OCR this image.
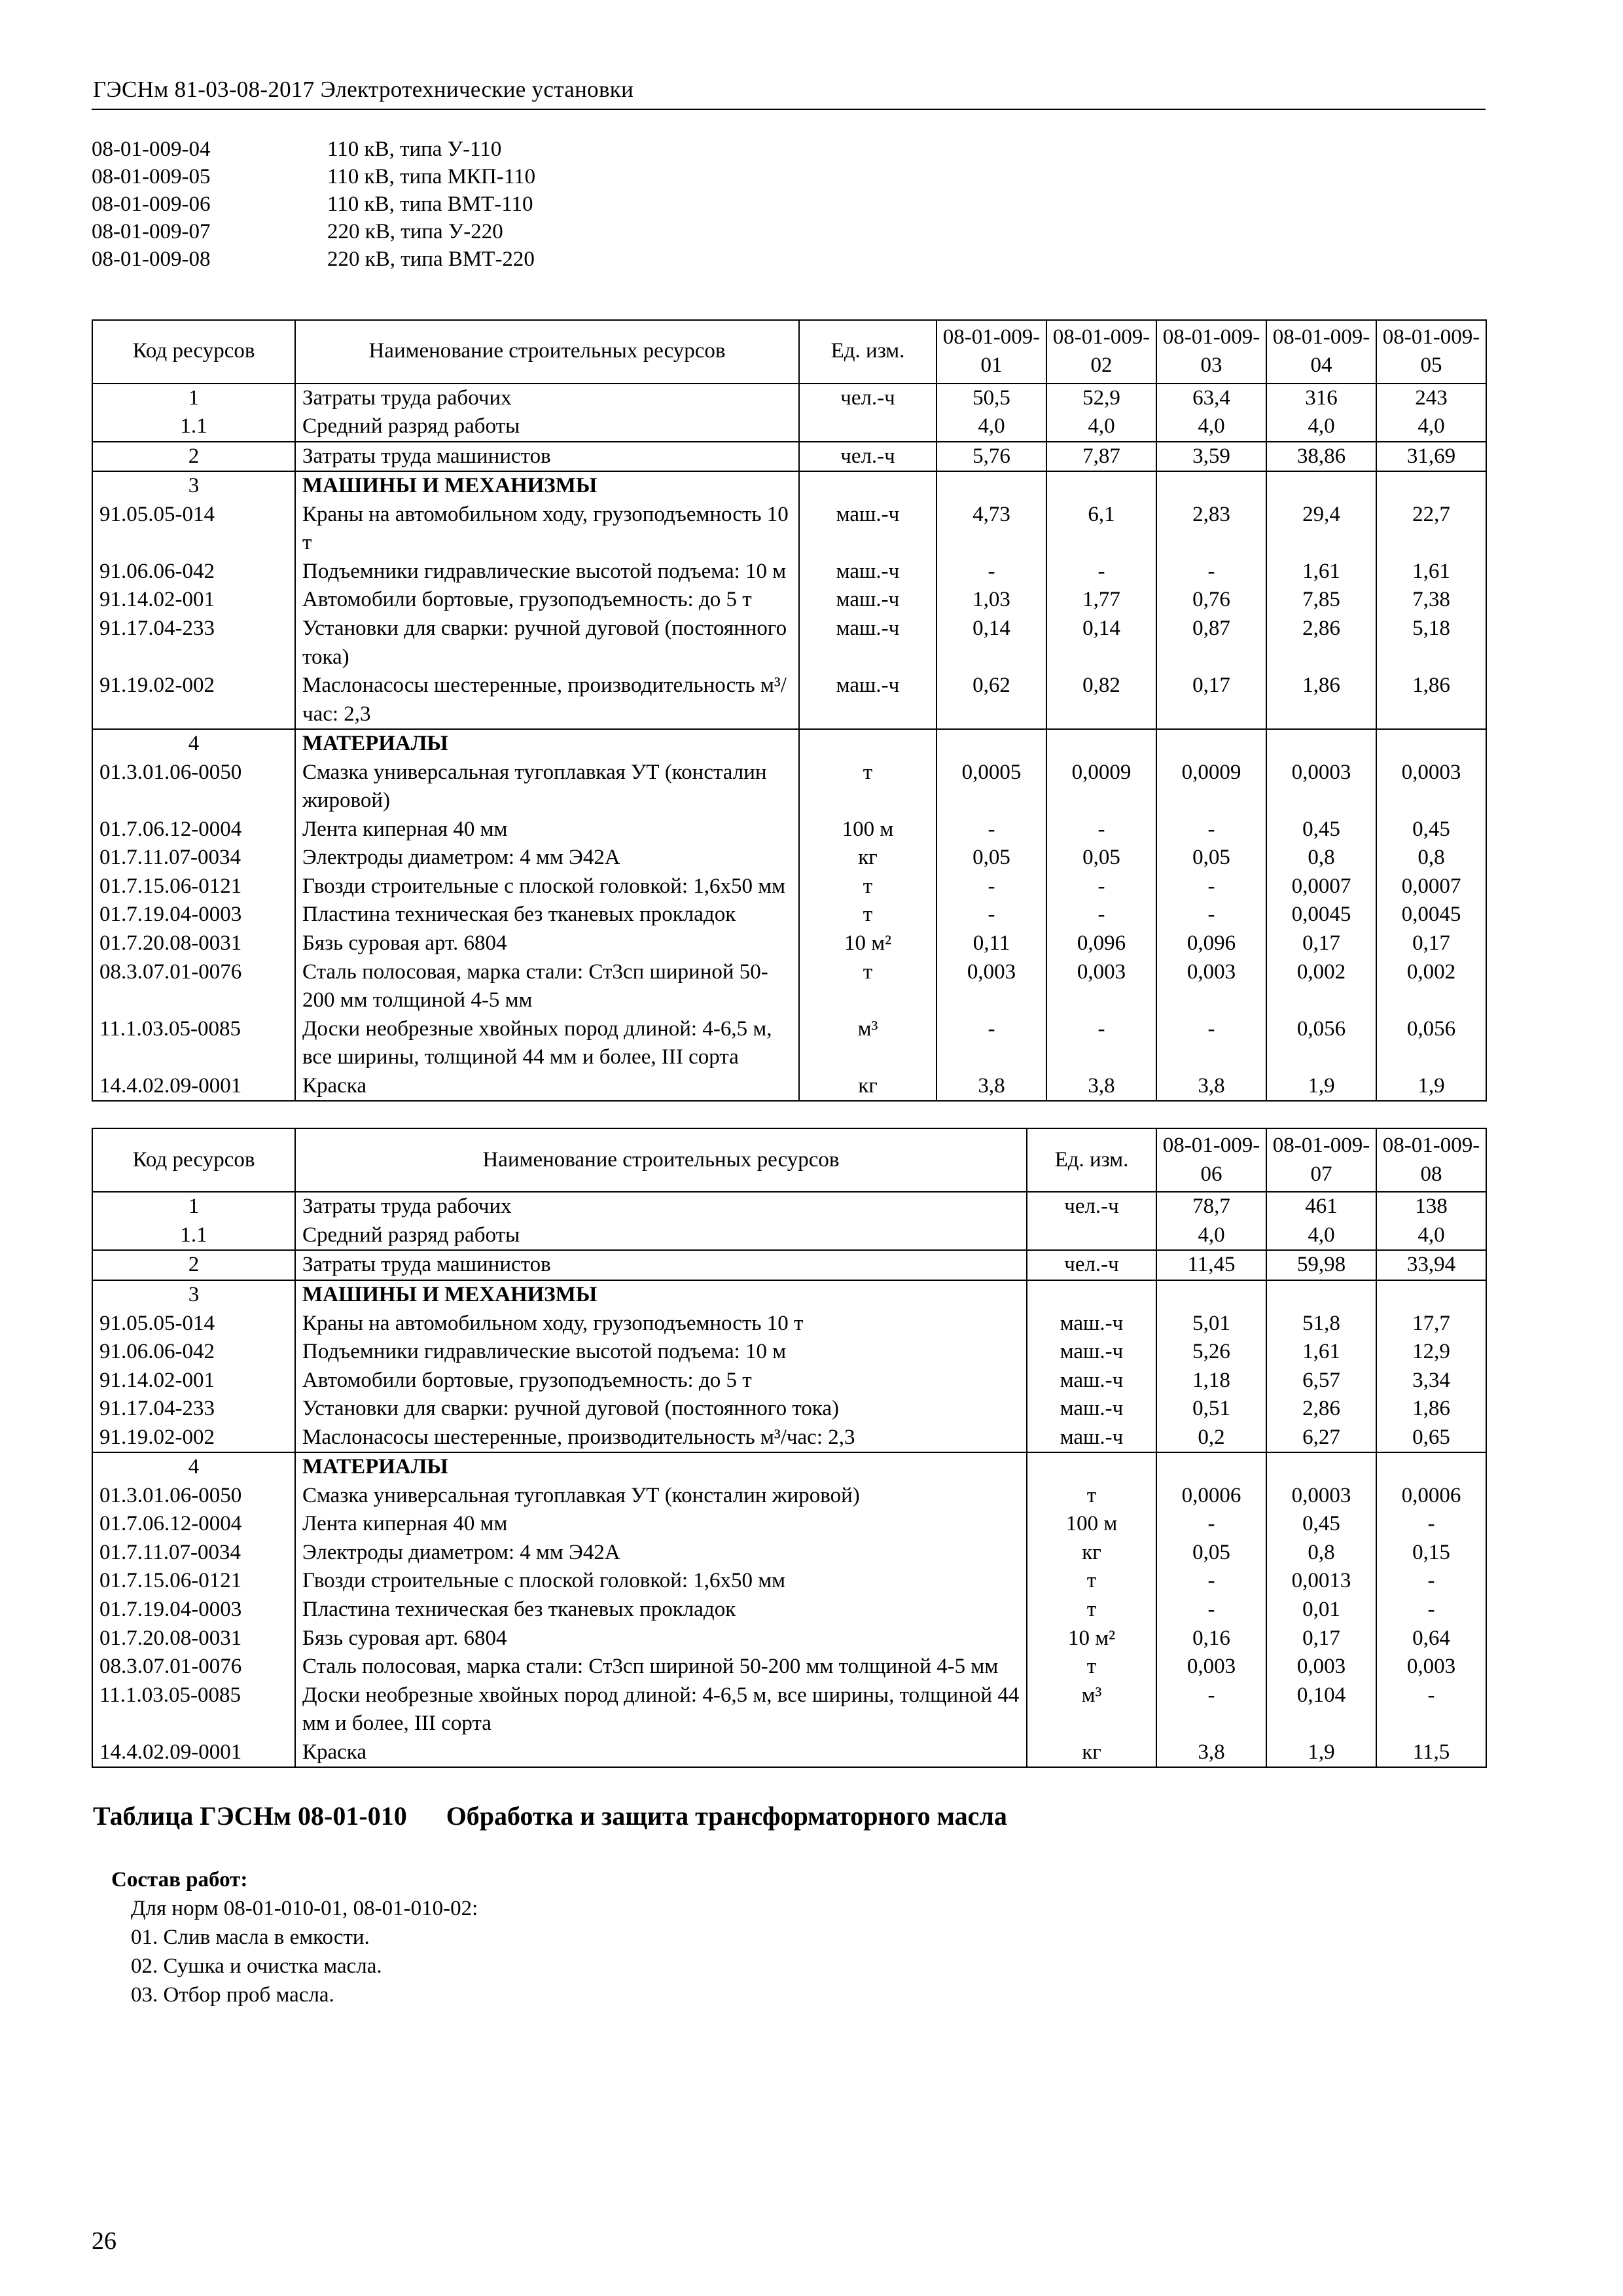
ГЭСНм 81-03-08-2017 Электротехнические установки
08-01-009-04	110 кВ, типа У-110
08-01-009-05	110 кВ, типа МКП-110
08-01-009-06	110 кВ, типа ВМТ-110
08-01-009-07	220 кВ, типа У-220
08-01-009-08	220 кВ, типа ВМТ-220
Код ресурсов	Наименование строительных ресурсов	Ед. изм.	08-01-009-01	08-01-009-02	08-01-009-03	08-01-009-04	08-01-009-05
1	Затраты труда рабочих	чел.-ч	50,5	52,9	63,4	316	243
1.1	Средний разряд работы		4,0	4,0	4,0	4,0	4,0
2	Затраты труда машинистов	чел.-ч	5,76	7,87	3,59	38,86	31,69
3	МАШИНЫ И МЕХАНИЗМЫ						
91.05.05-014	Краны на автомобильном ходу, грузоподъемность 10 т	маш.-ч	4,73	6,1	2,83	29,4	22,7
91.06.06-042	Подъемники гидравлические высотой подъема: 10 м	маш.-ч	-	-	-	1,61	1,61
91.14.02-001	Автомобили бортовые, грузоподъемность: до 5 т	маш.-ч	1,03	1,77	0,76	7,85	7,38
91.17.04-233	Установки для сварки: ручной дуговой (постоянного тока)	маш.-ч	0,14	0,14	0,87	2,86	5,18
91.19.02-002	Маслонасосы шестеренные, производительность м³/час: 2,3	маш.-ч	0,62	0,82	0,17	1,86	1,86
4	МАТЕРИАЛЫ						
01.3.01.06-0050	Смазка универсальная тугоплавкая УТ (консталин жировой)	т	0,0005	0,0009	0,0009	0,0003	0,0003
01.7.06.12-0004	Лента киперная 40 мм	100 м	-	-	-	0,45	0,45
01.7.11.07-0034	Электроды диаметром: 4 мм Э42А	кг	0,05	0,05	0,05	0,8	0,8
01.7.15.06-0121	Гвозди строительные с плоской головкой: 1,6х50 мм	т	-	-	-	0,0007	0,0007
01.7.19.04-0003	Пластина техническая без тканевых прокладок	т	-	-	-	0,0045	0,0045
01.7.20.08-0031	Бязь суровая арт. 6804	10 м²	0,11	0,096	0,096	0,17	0,17
08.3.07.01-0076	Сталь полосовая, марка стали: Ст3сп шириной 50-200 мм толщиной 4-5 мм	т	0,003	0,003	0,003	0,002	0,002
11.1.03.05-0085	Доски необрезные хвойных пород длиной: 4-6,5 м, все ширины, толщиной 44 мм и более, III сорта	м³	-	-	-	0,056	0,056
14.4.02.09-0001	Краска	кг	3,8	3,8	3,8	1,9	1,9
Код ресурсов	Наименование строительных ресурсов	Ед. изм.	08-01-009-06	08-01-009-07	08-01-009-08
1	Затраты труда рабочих	чел.-ч	78,7	461	138
1.1	Средний разряд работы		4,0	4,0	4,0
2	Затраты труда машинистов	чел.-ч	11,45	59,98	33,94
3	МАШИНЫ И МЕХАНИЗМЫ				
91.05.05-014	Краны на автомобильном ходу, грузоподъемность 10 т	маш.-ч	5,01	51,8	17,7
91.06.06-042	Подъемники гидравлические высотой подъема: 10 м	маш.-ч	5,26	1,61	12,9
91.14.02-001	Автомобили бортовые, грузоподъемность: до 5 т	маш.-ч	1,18	6,57	3,34
91.17.04-233	Установки для сварки: ручной дуговой (постоянного тока)	маш.-ч	0,51	2,86	1,86
91.19.02-002	Маслонасосы шестеренные, производительность м³/час: 2,3	маш.-ч	0,2	6,27	0,65
4	МАТЕРИАЛЫ				
01.3.01.06-0050	Смазка универсальная тугоплавкая УТ (консталин жировой)	т	0,0006	0,0003	0,0006
01.7.06.12-0004	Лента киперная 40 мм	100 м	-	0,45	-
01.7.11.07-0034	Электроды диаметром: 4 мм Э42А	кг	0,05	0,8	0,15
01.7.15.06-0121	Гвозди строительные с плоской головкой: 1,6х50 мм	т	-	0,0013	-
01.7.19.04-0003	Пластина техническая без тканевых прокладок	т	-	0,01	-
01.7.20.08-0031	Бязь суровая арт. 6804	10 м²	0,16	0,17	0,64
08.3.07.01-0076	Сталь полосовая, марка стали: Ст3сп шириной 50-200 мм толщиной 4-5 мм	т	0,003	0,003	0,003
11.1.03.05-0085	Доски необрезные хвойных пород длиной: 4-6,5 м, все ширины, толщиной 44 мм и более, III сорта	м³	-	0,104	-
14.4.02.09-0001	Краска	кг	3,8	1,9	11,5
Таблица ГЭСНм 08-01-010 Обработка и защита трансформаторного масла
Состав работ:
Для норм 08-01-010-01, 08-01-010-02:
01. Слив масла в емкости.
02. Сушка и очистка масла.
03. Отбор проб масла.
26
